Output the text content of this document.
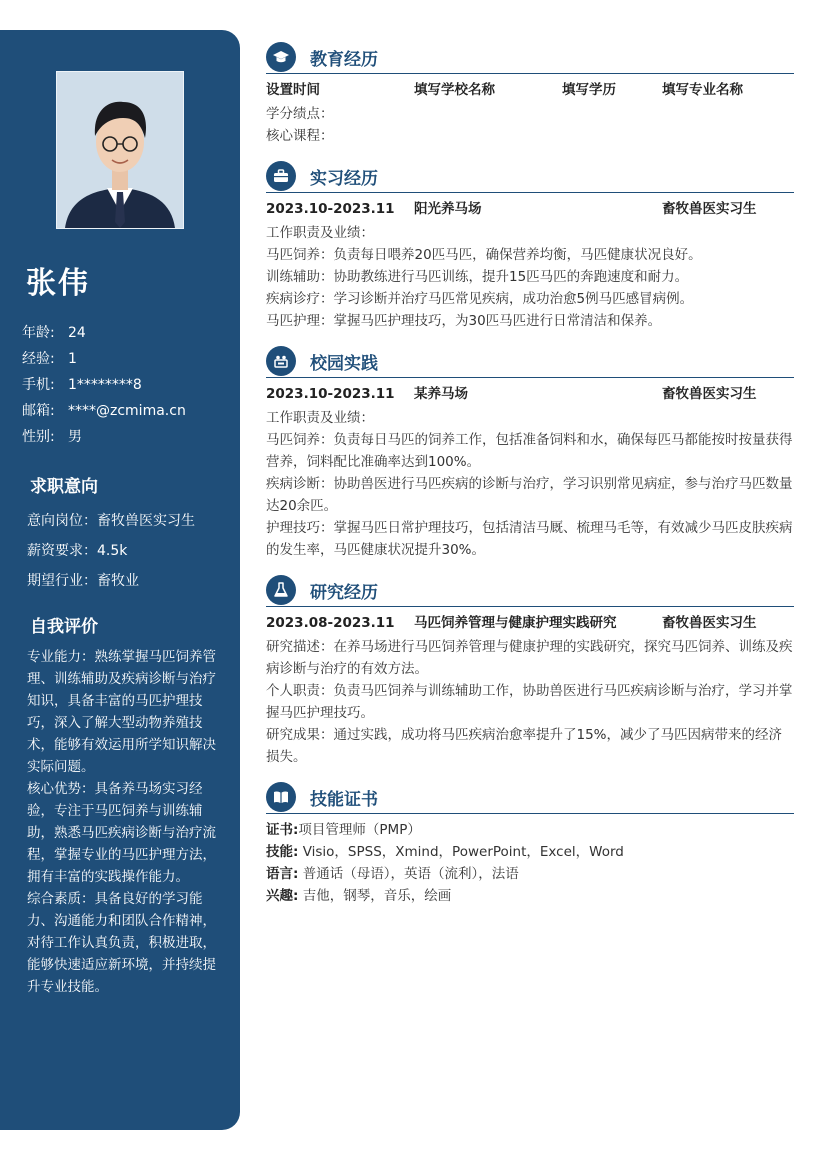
张伟
年龄: 24
经验: 1
手机: 1********8
邮箱: ****@zcmima.cn
性别: 男
求职意向
意向岗位：畜牧兽医实习生
薪资要求：4.5k
期望行业：畜牧业
自我评价

专业能力：熟练掌握马匹饲养管理、训练辅助及疾病诊断与治疗知识，具备丰富的马匹护理技巧，深入了解大型动物养殖技术，能够有效运用所学知识解决实际问题。

核心优势：具备养马场实习经验，专注于马匹饲养与训练辅助，熟悉马匹疾病诊断与治疗流程，掌握专业的马匹护理方法，拥有丰富的实践操作能力。

综合素质：具备良好的学习能力、沟通能力和团队合作精神，对待工作认真负责，积极进取，能够快速适应新环境，并持续提升专业技能。

教育经历
设置时间	填写学校名称	填写学历	填写专业名称

学分绩点：

核心课程：

实习经历
2023.10-2023.11 阳光养马场	畜牧兽医实习生

工作职责及业绩：

马匹饲养：负责每日喂养20匹马匹，确保营养均衡，马匹健康状况良好。

训练辅助：协助教练进行马匹训练，提升15匹马匹的奔跑速度和耐力。

疾病诊疗：学习诊断并治疗马匹常见疾病，成功治愈5例马匹感冒病例。

马匹护理：掌握马匹护理技巧，为30匹马匹进行日常清洁和保养。

校园实践
2023.10-2023.11 某养马场	畜牧兽医实习生

工作职责及业绩：

马匹饲养：负责每日马匹的饲养工作，包括准备饲料和水，确保每匹马都能按时按量获得营养，饲料配比准确率达到100%。

疾病诊断：协助兽医进行马匹疾病的诊断与治疗，学习识别常见病症，参与治疗马匹数量达20余匹。

护理技巧：掌握马匹日常护理技巧，包括清洁马厩、梳理马毛等，有效减少马匹皮肤疾病的发生率，马匹健康状况提升30%。

研究经历
2023.08-2023.11 马匹饲养管理与健康护理实践研究	畜牧兽医实习生

研究描述：在养马场进行马匹饲养管理与健康护理的实践研究，探究马匹饲养、训练及疾病诊断与治疗的有效方法。

个人职责：负责马匹饲养与训练辅助工作，协助兽医进行马匹疾病诊断与治疗，学习并掌握马匹护理技巧。

研究成果：通过实践，成功将马匹疾病治愈率提升了15%，减少了马匹因病带来的经济损失。

技能证书

证书:项目管理师（PMP）

技能: Visio，SPSS，Xmind，PowerPoint，Excel，Word

语言: 普通话（母语），英语（流利），法语

兴趣: 吉他，钢琴，音乐，绘画
